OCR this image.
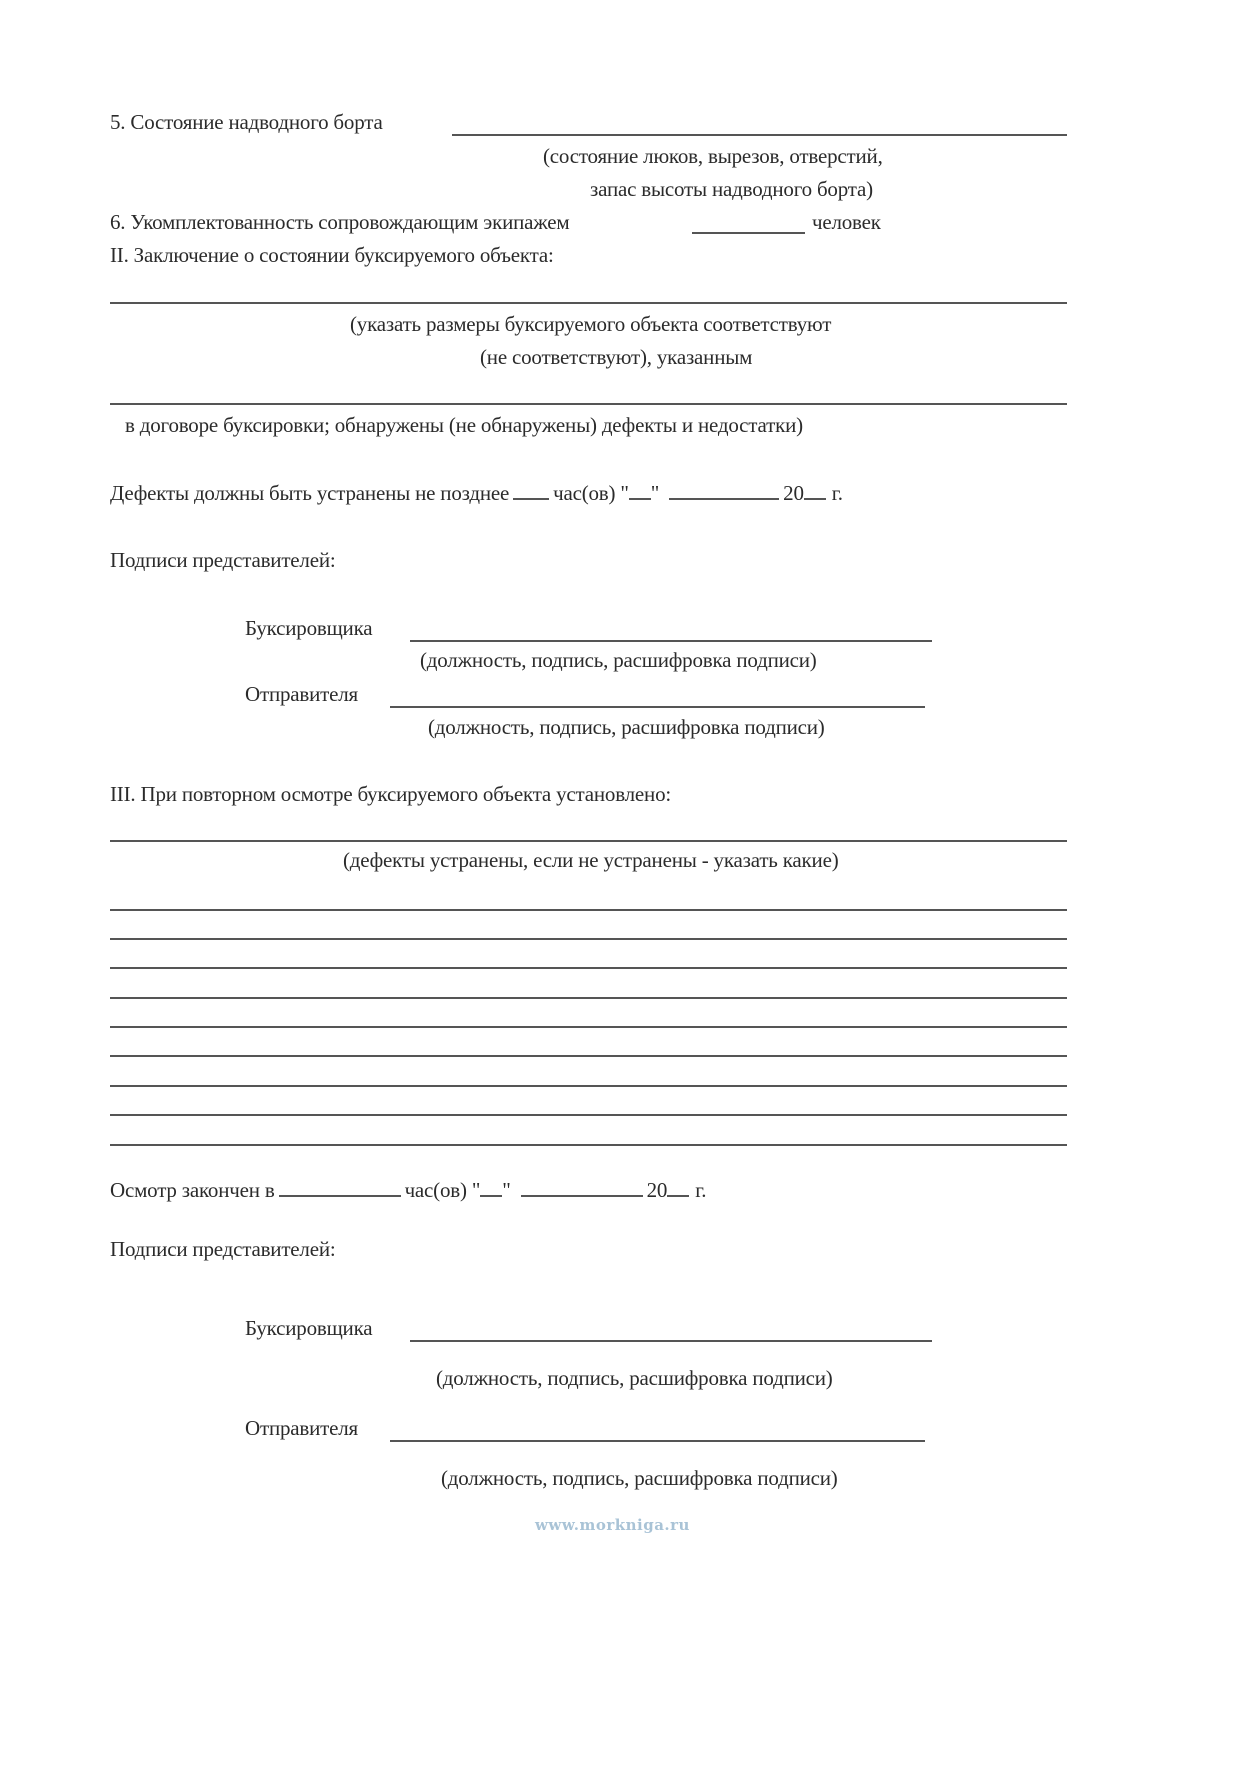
5. Состояние надводного борта
(состояние люков, вырезов, отверстий,
запас высоты надводного борта)
6. Укомплектованность сопровождающим экипажем	человек
II. Заключение о состоянии буксируемого объекта:
(указать размеры буксируемого объекта соответствуют
(не соответствуют), указанным
в договоре буксировки; обнаружены (не обнаружены) дефекты и недостатки)
Дефекты должны быть устранены не позднее час(ов) " "	20 г.
Подписи представителей:
Буксировщика
(должность, подпись, расшифровка подписи)
Отправителя
(должность, подпись, расшифровка подписи)
III. При повторном осмотре буксируемого объекта установлено:
(дефекты устранены, если не устранены - указать какие)
Осмотр закончен в	час(ов) " "	20 г.
Подписи представителей:
Буксировщика
(должность, подпись, расшифровка подписи)
Отправителя
(должность, подпись, расшифровка подписи)
www.morkniga.ru
